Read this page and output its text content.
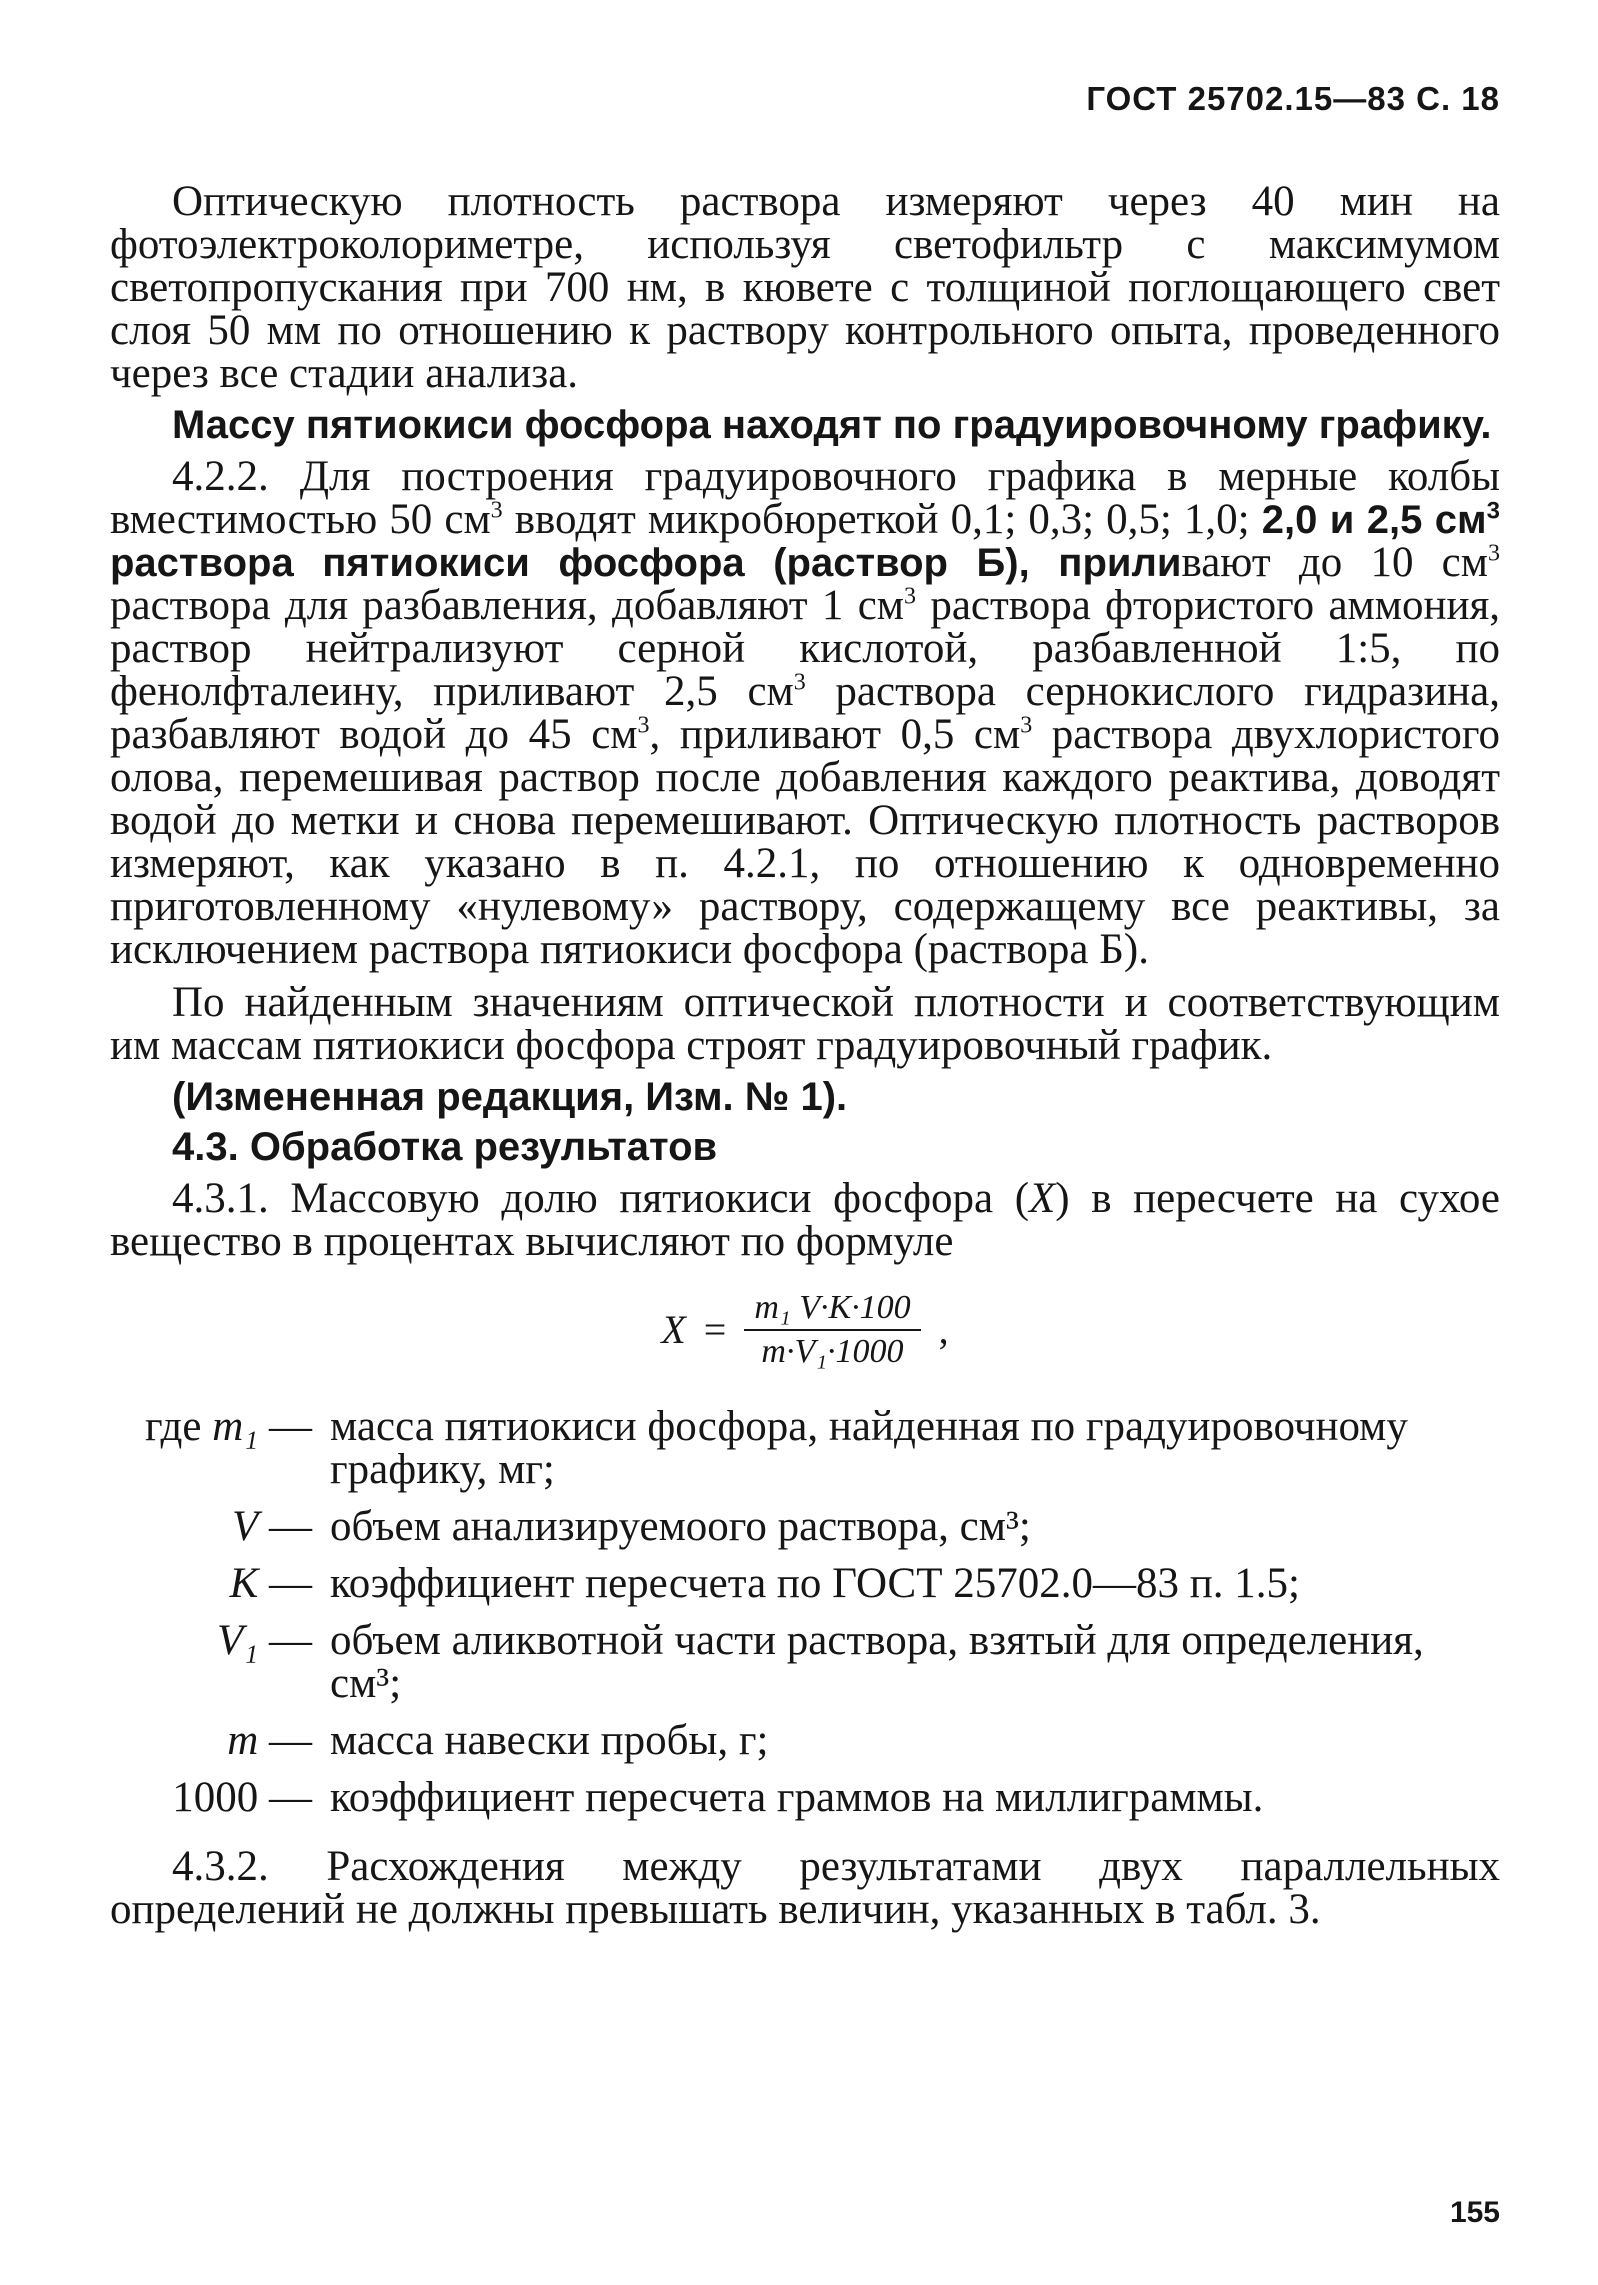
ГОСТ 25702.15—83 С. 18

Оптическую плотность раствора измеряют через 40 мин на фотоэлектроколориметре, используя светофильтр с максимумом светопропускания при 700 нм, в кювете с толщиной поглощающего свет слоя 50 мм по отношению к раствору контрольного опыта, проведенного через все стадии анализа.

Массу пятиокиси фосфора находят по градуировочному графику.

4.2.2. Для построения градуировочного графика в мерные колбы вместимостью 50 $см^3$ вводят микробюреткой 0,1; 0,3; 0,5; 1,0; 2,0 и 2,5 $см^3$ раствора пятиокиси фосфора (раствор Б), приливают до 10 $см^3$ раствора для разбавления, добавляют 1 $см^3$ раствора фтористого аммония, раствор нейтрализуют серной кислотой, разбавленной 1:5, по фенолфталеину, приливают 2,5 $см^3$ раствора сернокислого гидразина, разбавляют водой до 45 $см^3$, приливают 0,5 $см^3$ раствора двухлористого олова, перемешивая раствор после добавления каждого реактива, доводят водой до метки и снова перемешивают. Оптическую плотность растворов измеряют, как указано в п. 4.2.1, по отношению к одновременно приготовленному «нулевому» раствору, содержащему все реактивы, за исключением раствора пятиокиси фосфора (раствора Б).

По найденным значениям оптической плотности и соответствующим им массам пятиокиси фосфора строят градуировочный график.

(Измененная редакция, Изм. № 1).

4.3. Обработка результатов

4.3.1. Массовую долю пятиокиси фосфора (X) в пересчете на сухое вещество в процентах вычисляют по формуле

$X = \frac{\text{m₁ V·K·100}}{\text{m·V₁·1000}}$ ,
где m₁ — масса пятиокиси фосфора, найденная по градуировочному графику, мг;
V — объем анализируемоого раствора, см³;
K — коэффициент пересчета по ГОСТ 25702.0—83 п. 1.5;
V₁ — объем аликвотной части раствора, взятый для определения, см³;
m — масса навески пробы, г;
1000 — коэффициент пересчета граммов на миллиграммы.

4.3.2. Расхождения между результатами двух параллельных определений не должны превышать величин, указанных в табл. 3.

155
